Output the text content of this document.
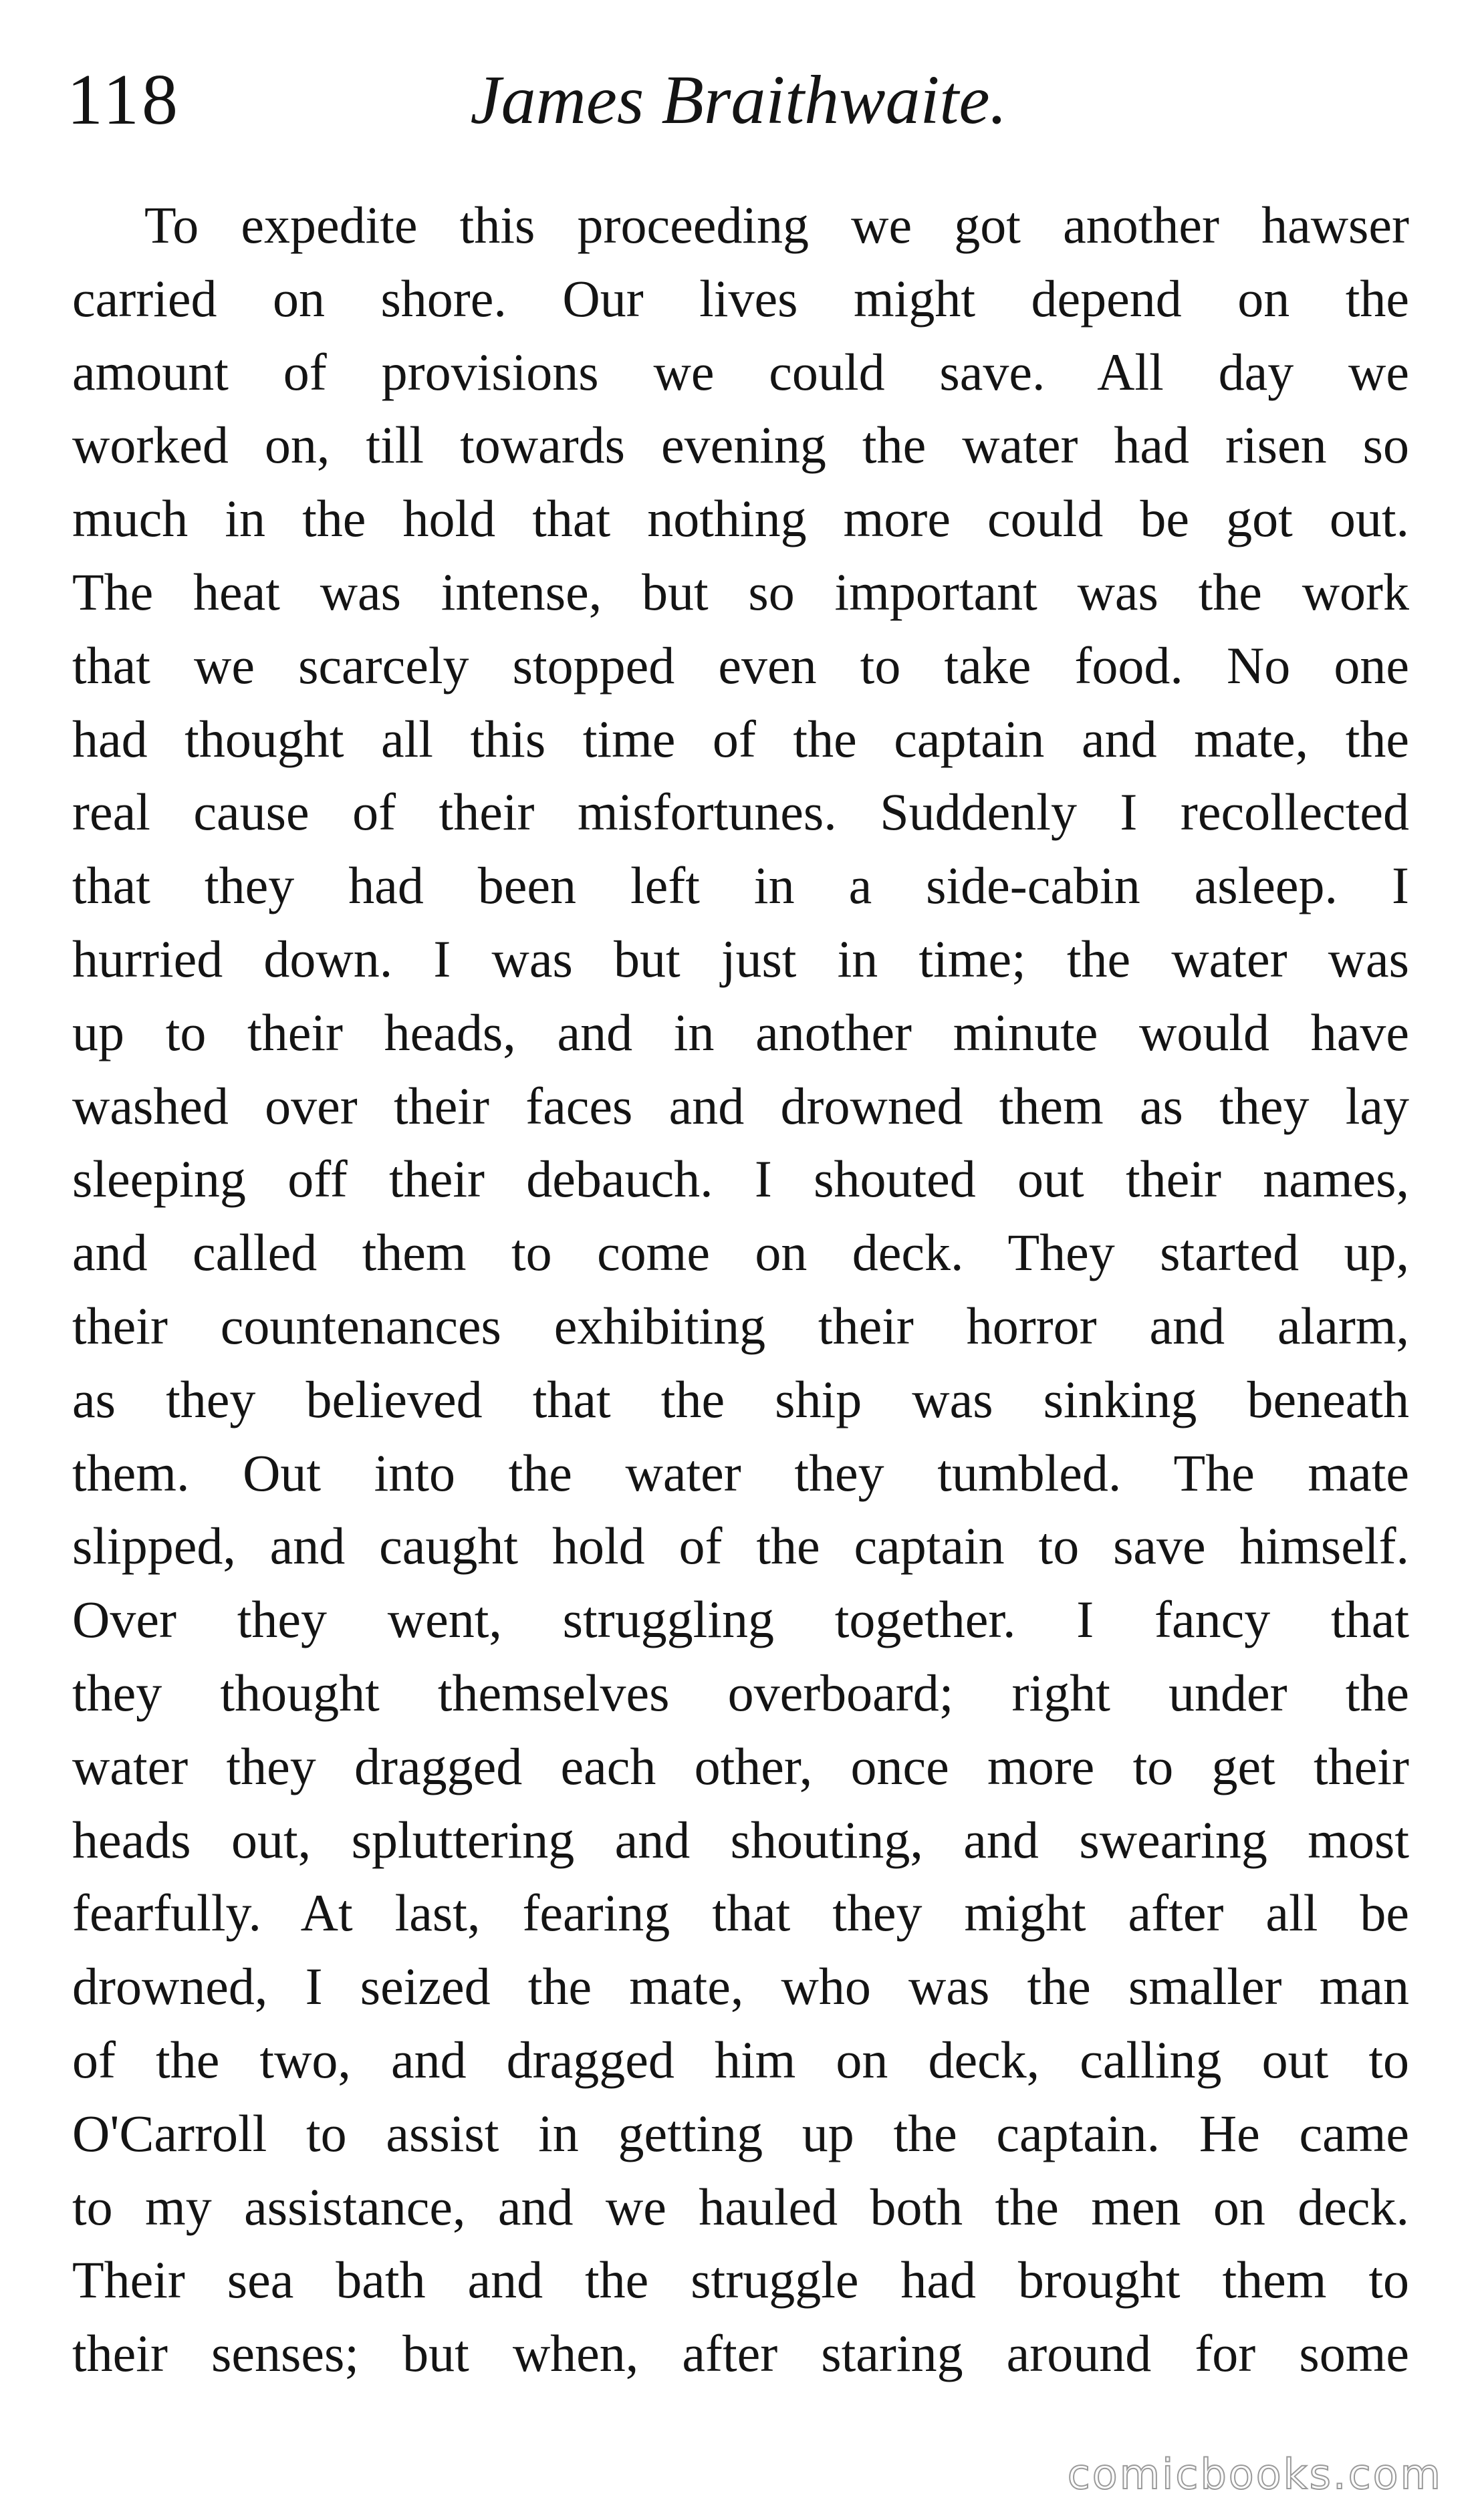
118	James Braithwaite.
To expedite this proceeding we got another hawser
carried on shore. Our lives might depend on the
amount of provisions we could save. All day we
worked on, till towards evening the water had risen so
much in the hold that nothing more could be got out.
The heat was intense, but so important was the work
that we scarcely stopped even to take food. No one
had thought all this time of the captain and mate, the
real cause of their misfortunes. Suddenly I recollected
that they had been left in a side-cabin asleep. I
hurried down. I was but just in time; the water was
up to their heads, and in another minute would have
washed over their faces and drowned them as they lay
sleeping off their debauch. I shouted out their names,
and called them to come on deck. They started up,
their countenances exhibiting their horror and alarm,
as they believed that the ship was sinking beneath
them. Out into the water they tumbled. The mate
slipped, and caught hold of the captain to save himself.
Over they went, struggling together. I fancy that
they thought themselves overboard; right under the
water they dragged each other, once more to get their
heads out, spluttering and shouting, and swearing most
fearfully. At last, fearing that they might after all be
drowned, I seized the mate, who was the smaller man
of the two, and dragged him on deck, calling out to
O'Carroll to assist in getting up the captain. He came
to my assistance, and we hauled both the men on deck.
Their sea bath and the struggle had brought them to
their senses; but when, after staring around for some
comicbooks.com
